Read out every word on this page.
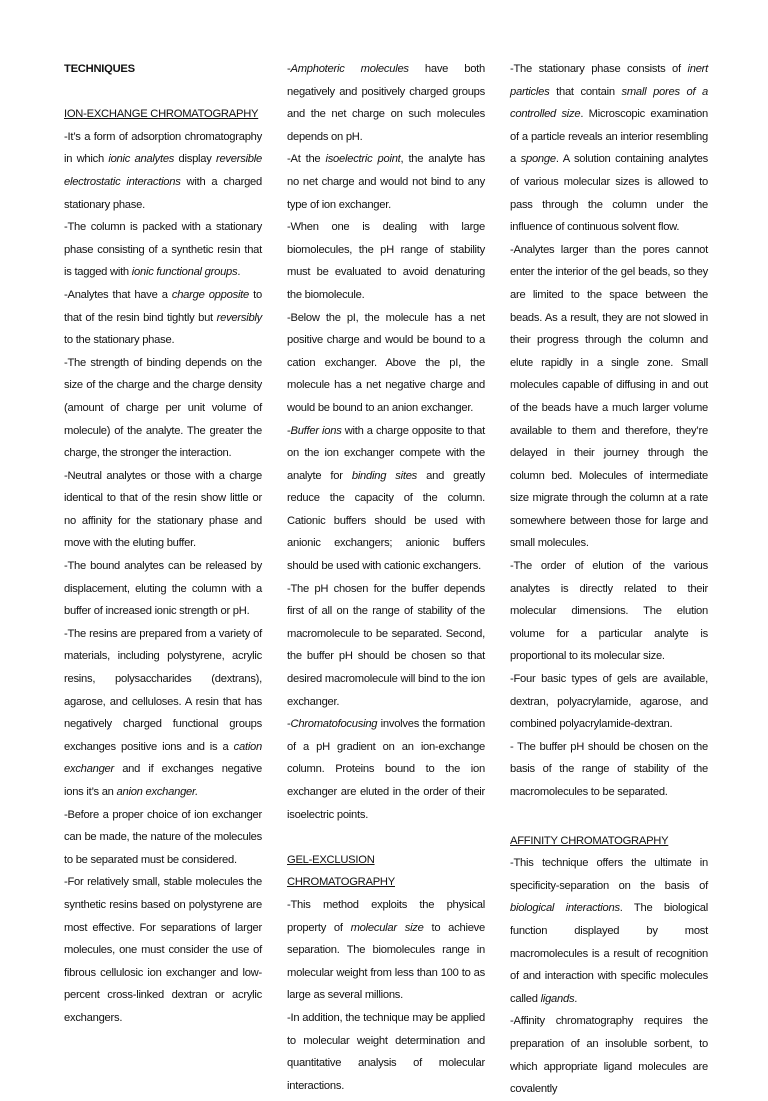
TECHNIQUES

ION-EXCHANGE CHROMATOGRAPHY

-It’s a form of adsorption chromatography in which ionic analytes display reversible electrostatic interactions with a charged stationary phase.

-The column is packed with a stationary phase consisting of a synthetic resin that is tagged with ionic functional groups.

-Analytes that have a charge opposite to that of the resin bind tightly but reversibly to the stationary phase.

-The strength of binding depends on the size of the charge and the charge density (amount of charge per unit volume of molecule) of the analyte. The greater the charge, the stronger the interaction.

-Neutral analytes or those with a charge identical to that of the resin show little or no affinity for the stationary phase and move with the eluting buffer.

-The bound analytes can be released by displacement, eluting the column with a buffer of increased ionic strength or pH.

-The resins are prepared from a variety of materials, including polystyrene, acrylic resins, polysaccharides (dextrans), agarose, and celluloses. A resin that has negatively charged functional groups exchanges positive ions and is a cation exchanger and if exchanges negative ions it’s an anion exchanger.

-Before a proper choice of ion exchanger can be made, the nature of the molecules to be separated must be considered.

-For relatively small, stable molecules the synthetic resins based on polystyrene are most effective. For separations of larger molecules, one must consider the use of fibrous cellulosic ion exchanger and low-percent cross-linked dextran or acrylic exchangers.

-Amphoteric molecules have both negatively and positively charged groups and the net charge on such molecules depends on pH.

-At the isoelectric point, the analyte has no net charge and would not bind to any type of ion exchanger.

-When one is dealing with large biomolecules, the pH range of stability must be evaluated to avoid denaturing the biomolecule.

-Below the pI, the molecule has a net positive charge and would be bound to a cation exchanger. Above the pI, the molecule has a net negative charge and would be bound to an anion exchanger.

-Buffer ions with a charge opposite to that on the ion exchanger compete with the analyte for binding sites and greatly reduce the capacity of the column. Cationic buffers should be used with anionic exchangers; anionic buffers should be used with cationic exchangers.

-The pH chosen for the buffer depends first of all on the range of stability of the macromolecule to be separated. Second, the buffer pH should be chosen so that desired macromolecule will bind to the ion exchanger.

-Chromatofocusing involves the formation of a pH gradient on an ion-exchange column. Proteins bound to the ion exchanger are eluted in the order of their isoelectric points.

GEL-EXCLUSION CHROMATOGRAPHY

-This method exploits the physical property of molecular size to achieve separation. The biomolecules range in molecular weight from less than 100 to as large as several millions.

-In addition, the technique may be applied to molecular weight determination and quantitative analysis of molecular interactions.

-The stationary phase consists of inert particles that contain small pores of a controlled size. Microscopic examination of a particle reveals an interior resembling a sponge. A solution containing analytes of various molecular sizes is allowed to pass through the column under the influence of continuous solvent flow.

-Analytes larger than the pores cannot enter the interior of the gel beads, so they are limited to the space between the beads. As a result, they are not slowed in their progress through the column and elute rapidly in a single zone. Small molecules capable of diffusing in and out of the beads have a much larger volume available to them and therefore, they’re delayed in their journey through the column bed. Molecules of intermediate size migrate through the column at a rate somewhere between those for large and small molecules.

-The order of elution of the various analytes is directly related to their molecular dimensions. The elution volume for a particular analyte is proportional to its molecular size.

-Four basic types of gels are available, dextran, polyacrylamide, agarose, and combined polyacrylamide-dextran.

- The buffer pH should be chosen on the basis of the range of stability of the macromolecules to be separated.

AFFINITY CHROMATOGRAPHY

-This technique offers the ultimate in specificity-separation on the basis of biological interactions. The biological function displayed by most macromolecules is a result of recognition of and interaction with specific molecules called ligands.

-Affinity chromatography requires the preparation of an insoluble sorbent, to which appropriate ligand molecules are covalently
